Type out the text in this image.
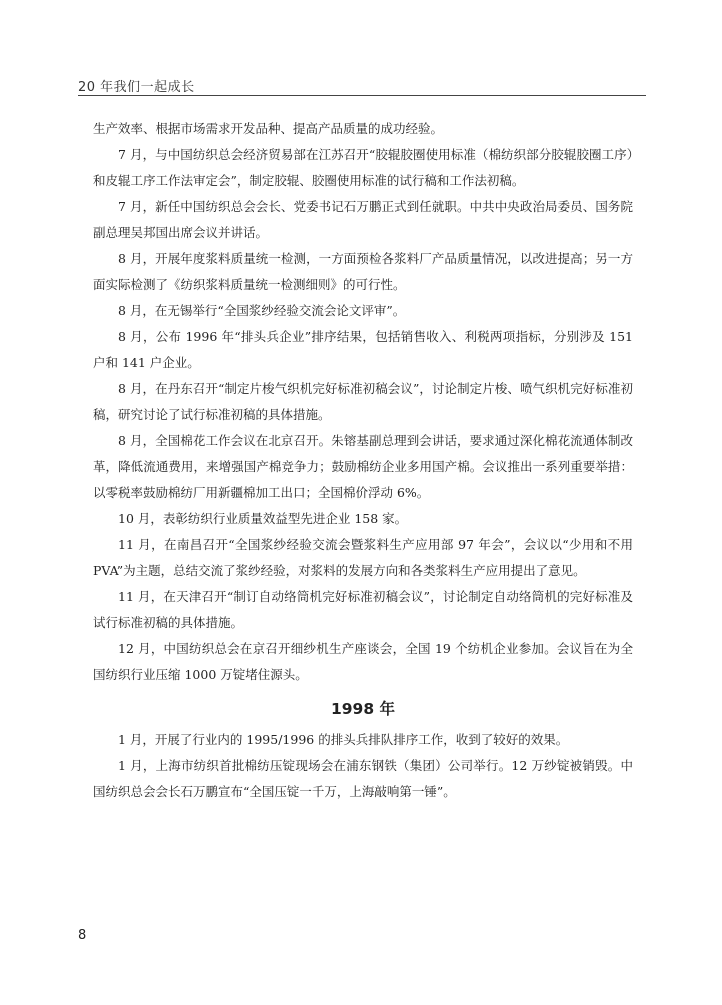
20 年我们一起成长

生产效率、根据市场需求开发品种、提高产品质量的成功经验。

7 月，与中国纺织总会经济贸易部在江苏召开“胶辊胶圈使用标准（棉纺织部分胶辊胶圈工序）和皮辊工序工作法审定会”，制定胶辊、胶圈使用标准的试行稿和工作法初稿。

7 月，新任中国纺织总会会长、党委书记石万鹏正式到任就职。中共中央政治局委员、国务院副总理吴邦国出席会议并讲话。

8 月，开展年度浆料质量统一检测，一方面预检各浆料厂产品质量情况，以改进提高；另一方面实际检测了《纺织浆料质量统一检测细则》的可行性。

8 月，在无锡举行“全国浆纱经验交流会论文评审”。

8 月，公布 1996 年“排头兵企业”排序结果，包括销售收入、利税两项指标，分别涉及 151 户和 141 户企业。

8 月，在丹东召开“制定片梭气织机完好标准初稿会议”，讨论制定片梭、喷气织机完好标准初稿，研究讨论了试行标准初稿的具体措施。

8 月，全国棉花工作会议在北京召开。朱镕基副总理到会讲话，要求通过深化棉花流通体制改革，降低流通费用，来增强国产棉竞争力；鼓励棉纺企业多用国产棉。会议推出一系列重要举措：以零税率鼓励棉纺厂用新疆棉加工出口；全国棉价浮动 6%。

10 月，表彰纺织行业质量效益型先进企业 158 家。

11 月，在南昌召开“全国浆纱经验交流会暨浆料生产应用部 97 年会”，会议以“少用和不用 PVA”为主题，总结交流了浆纱经验，对浆料的发展方向和各类浆料生产应用提出了意见。

11 月，在天津召开“制订自动络筒机完好标准初稿会议”，讨论制定自动络筒机的完好标准及试行标准初稿的具体措施。

12 月，中国纺织总会在京召开细纱机生产座谈会，全国 19 个纺机企业参加。会议旨在为全国纺织行业压缩 1000 万锭堵住源头。

1998 年

1 月，开展了行业内的 1995/1996 的排头兵排队排序工作，收到了较好的效果。

1 月，上海市纺织首批棉纺压锭现场会在浦东钢铁（集团）公司举行。12 万纱锭被销毁。中国纺织总会会长石万鹏宣布“全国压锭一千万，上海敲响第一锤”。

8
